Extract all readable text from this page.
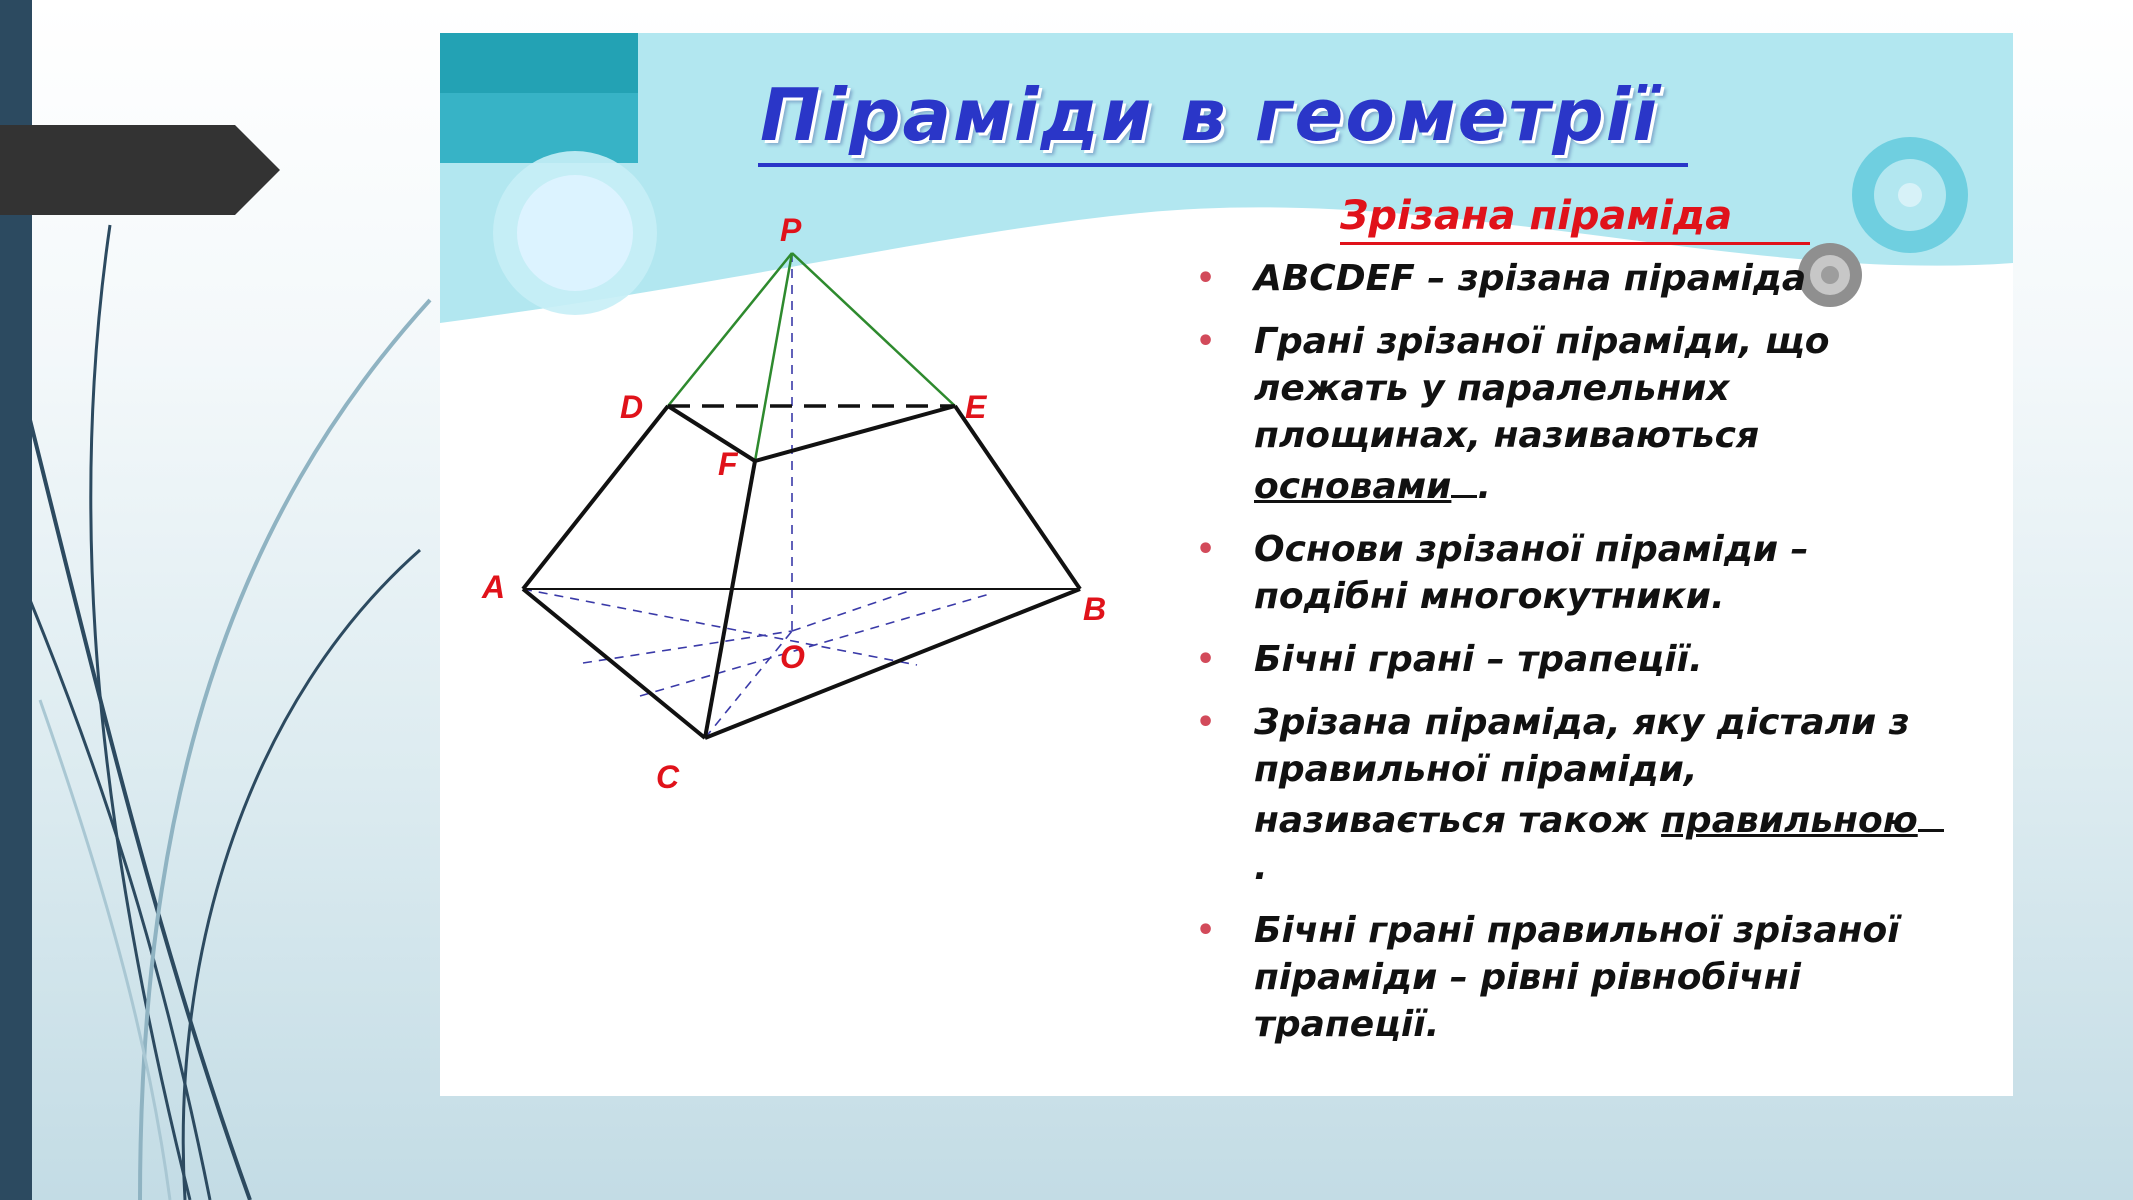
Піраміди в геометрії
P
D	E
F
A
B
C
O
Зрізана піраміда
• ABCDEF – зрізана піраміда
• Грані зрізаної піраміди, що лежать у паралельних площинах, називаються основами .
• Основи зрізаної піраміди – подібні многокутники.
• Бічні грані – трапеції.
• Зрізана піраміда, яку дістали з правильної піраміди, називається також правильною.
• Бічні грані правильної зрізаної піраміди – рівні рівнобічні трапеції.
